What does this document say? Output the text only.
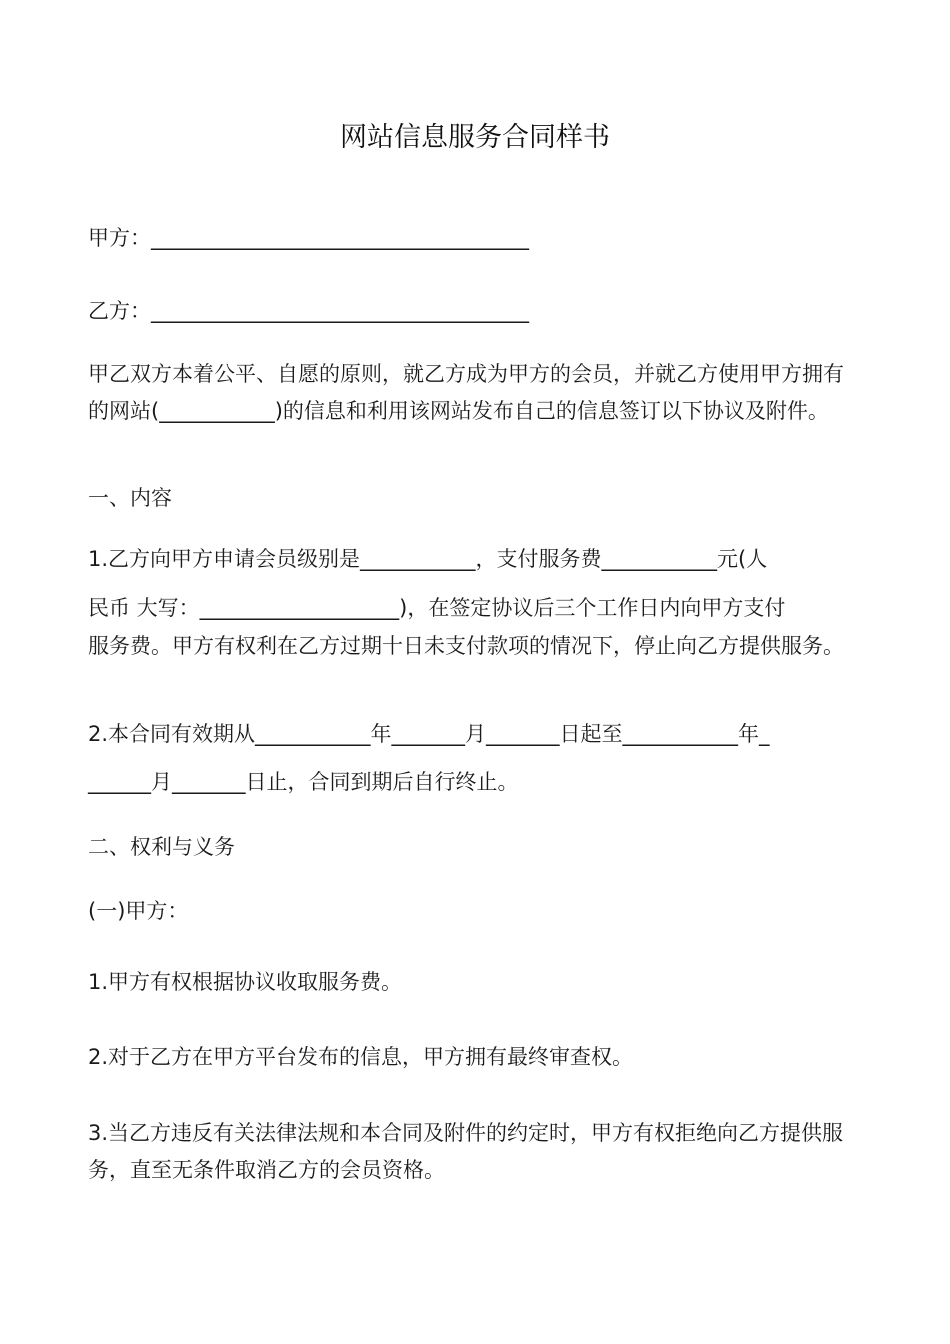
网站信息服务合同样书
甲方：____________________________________
乙方：____________________________________
甲乙双方本着公平、自愿的原则，就乙方成为甲方的会员，并就乙方使用甲方拥有的网站(___________)的信息和利用该网站发布自己的信息签订以下协议及附件。
一、内容
1.乙方向甲方申请会员级别是___________，支付服务费___________元(人
民币 大写：___________________)，在签定协议后三个工作日内向甲方支付
服务费。甲方有权利在乙方过期十日未支付款项的情况下，停止向乙方提供服务。
2.本合同有效期从___________年_______月_______日起至___________年_
______月_______日止，合同到期后自行终止。
二、权利与义务
(一)甲方：
1.甲方有权根据协议收取服务费。
2.对于乙方在甲方平台发布的信息，甲方拥有最终审查权。
3.当乙方违反有关法律法规和本合同及附件的约定时，甲方有权拒绝向乙方提供服务，直至无条件取消乙方的会员资格。
